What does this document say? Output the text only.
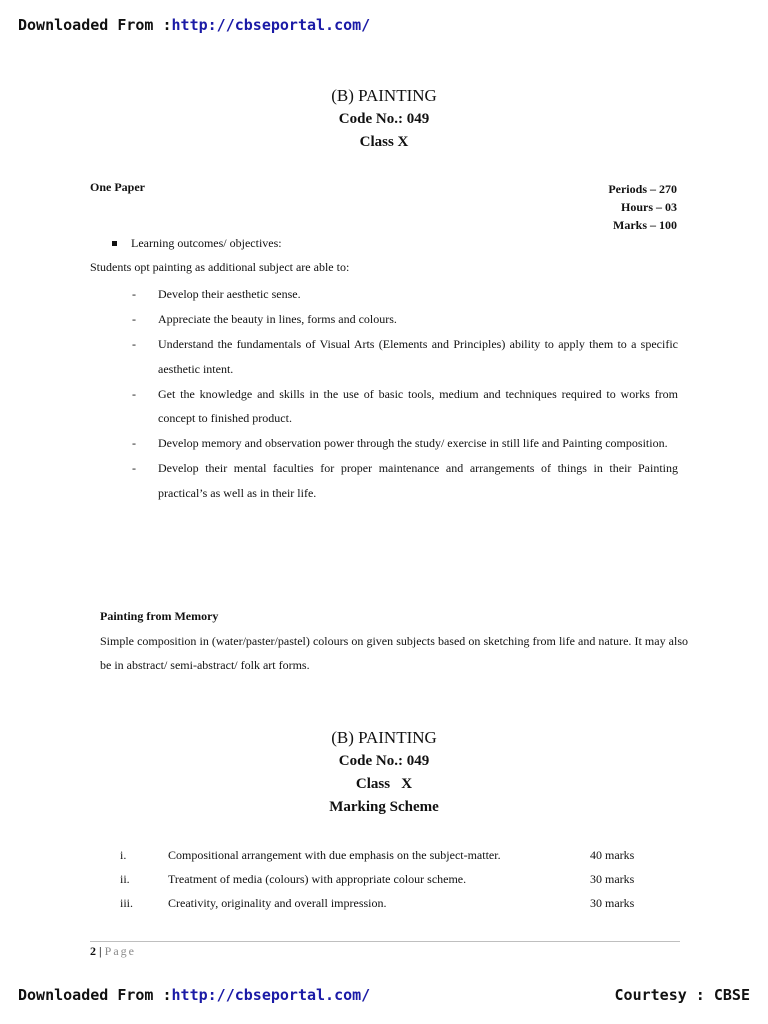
Downloaded From :http://cbseportal.com/
(B) PAINTING
Code No.: 049
Class X
One Paper	Periods – 270
Hours – 03
Marks – 100
Learning outcomes/ objectives:
Students opt painting as additional subject are able to:
- Develop their aesthetic sense.
- Appreciate the beauty in lines, forms and colours.
- Understand the fundamentals of Visual Arts (Elements and Principles) ability to apply them to a specific aesthetic intent.
- Get the knowledge and skills in the use of basic tools, medium and techniques required to works from concept to finished product.
- Develop memory and observation power through the study/ exercise in still life and Painting composition.
- Develop their mental faculties for proper maintenance and arrangements of things in their Painting practical’s as well as in their life.
Painting from Memory
Simple composition in (water/paster/pastel) colours on given subjects based on sketching from life and nature. It may also be in abstract/ semi-abstract/ folk art forms.
(B) PAINTING
Code No.: 049
Class   X
Marking Scheme
i.	Compositional arrangement with due emphasis on the subject-matter.	40 marks
ii.	Treatment of media (colours) with appropriate colour scheme.	30 marks
iii.	Creativity, originality and overall impression.	30 marks
2 | Page
Downloaded From :http://cbseportal.com/	Courtesy : CBSE
